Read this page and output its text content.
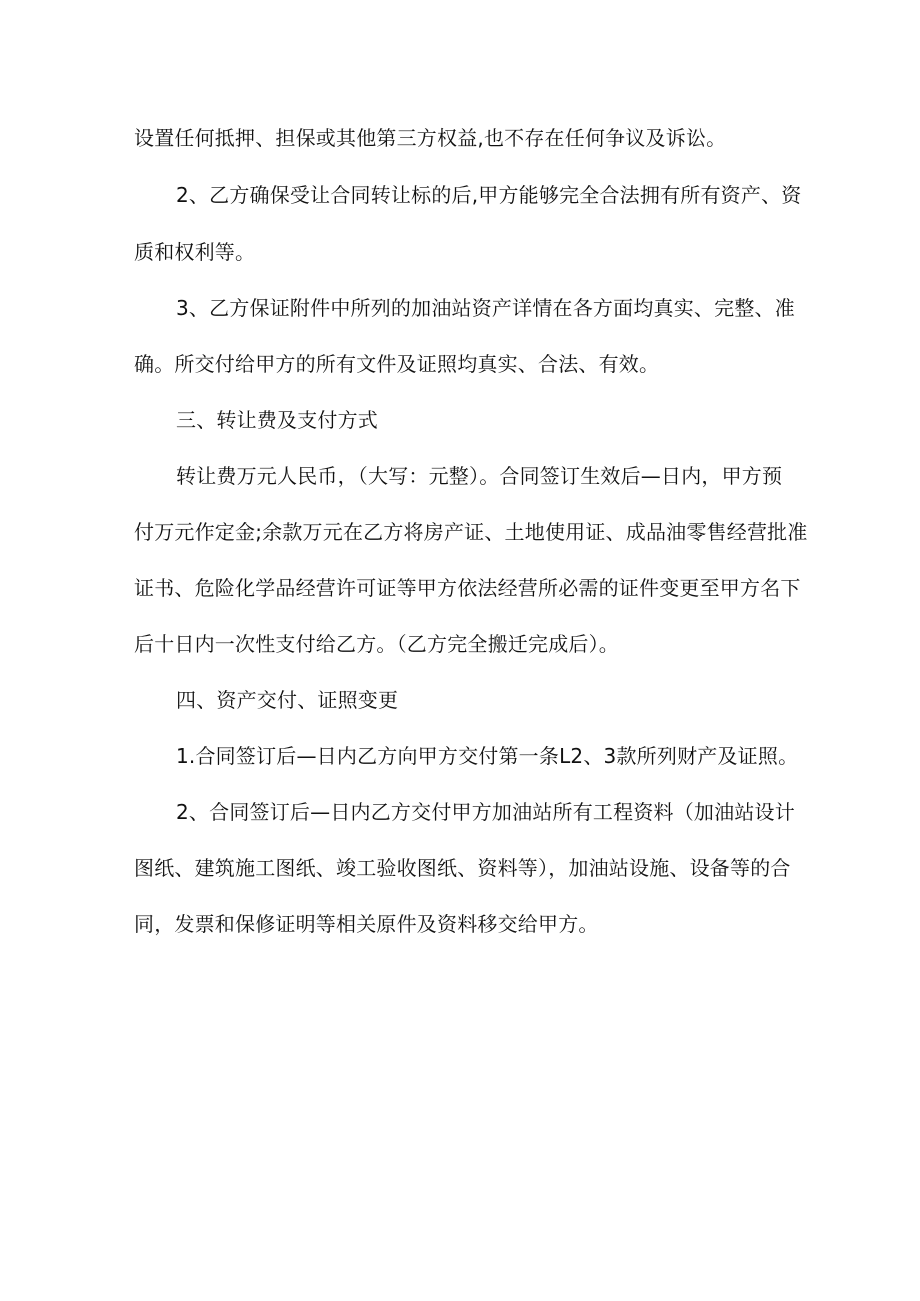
设置任何抵押、担保或其他第三方权益,也不存在任何争议及诉讼。

2、乙方确保受让合同转让标的后,甲方能够完全合法拥有所有资产、资

质和权利等。

3、乙方保证附件中所列的加油站资产详情在各方面均真实、完整、准

确。所交付给甲方的所有文件及证照均真实、合法、有效。

三、转让费及支付方式

转让费万元人民币，（大写：元整）。合同签订生效后—日内，甲方预

付万元作定金;余款万元在乙方将房产证、土地使用证、成品油零售经营批准

证书、危险化学品经营许可证等甲方依法经营所必需的证件变更至甲方名下

后十日内一次性支付给乙方。（乙方完全搬迁完成后）。

四、资产交付、证照变更

1.合同签订后—日内乙方向甲方交付第一条L2、3款所列财产及证照。

2、合同签订后—日内乙方交付甲方加油站所有工程资料（加油站设计

图纸、建筑施工图纸、竣工验收图纸、资料等），加油站设施、设备等的合

同，发票和保修证明等相关原件及资料移交给甲方。
